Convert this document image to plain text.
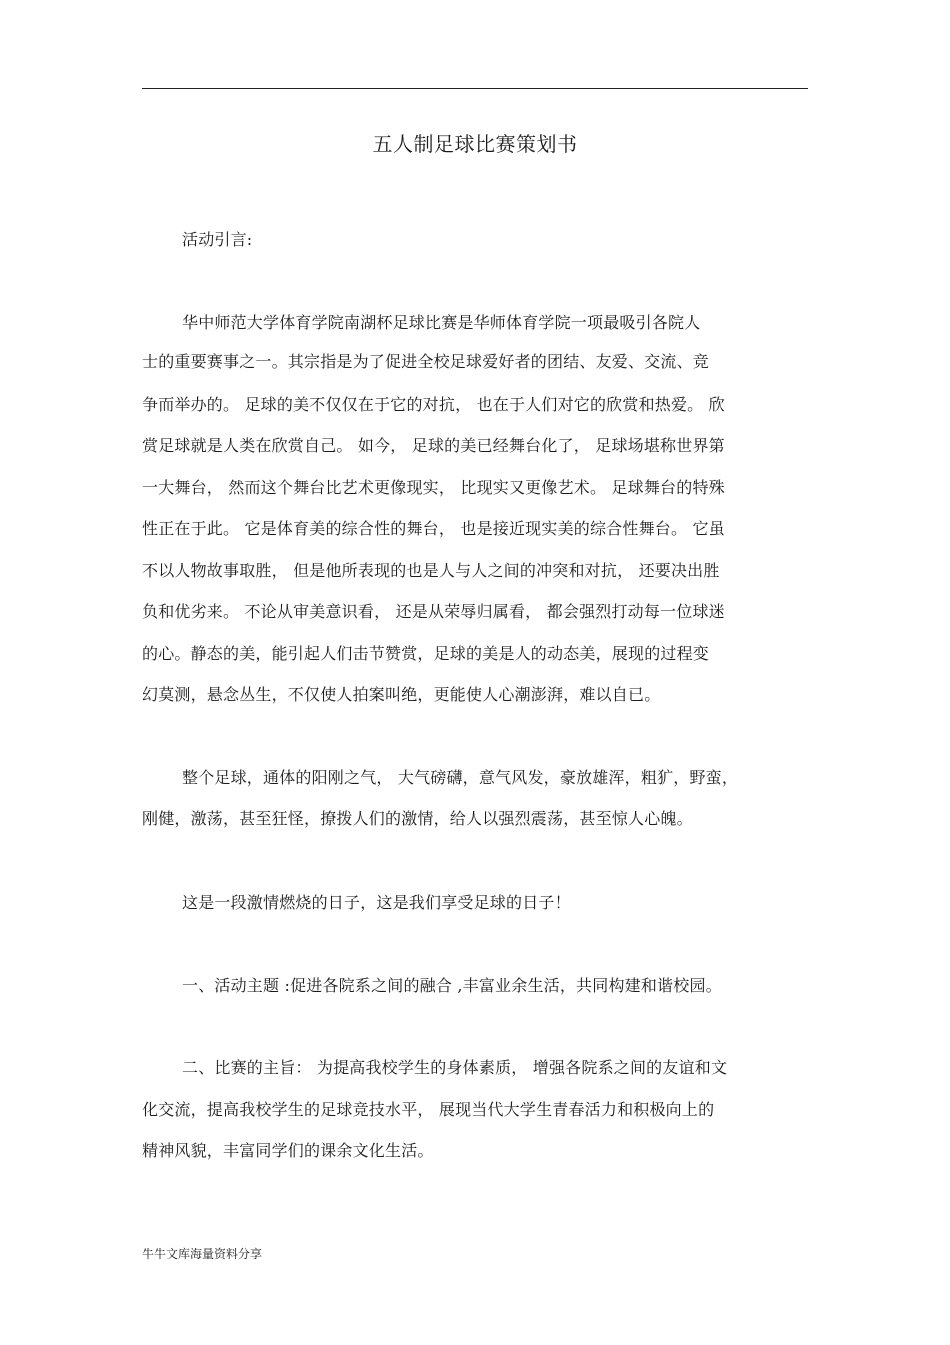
五人制足球比赛策划书

活动引言:

华中师范大学体育学院南湖杯足球比赛是华师体育学院一项最吸引各院人

士的重要赛事之一。其宗指是为了促进全校足球爱好者的团结、友爱、交流、竞

争而举办的。 足球的美不仅仅在于它的对抗， 也在于人们对它的欣赏和热爱。 欣

赏足球就是人类在欣赏自己。 如今， 足球的美已经舞台化了， 足球场堪称世界第

一大舞台， 然而这个舞台比艺术更像现实， 比现实又更像艺术。 足球舞台的特殊

性正在于此。 它是体育美的综合性的舞台， 也是接近现实美的综合性舞台。 它虽

不以人物故事取胜， 但是他所表现的也是人与人之间的冲突和对抗， 还要决出胜

负和优劣来。 不论从审美意识看， 还是从荣辱归属看， 都会强烈打动每一位球迷

的心。静态的美，能引起人们击节赞赏，足球的美是人的动态美，展现的过程变

幻莫测，悬念丛生，不仅使人拍案叫绝，更能使人心潮澎湃，难以自已。

整个足球，通体的阳刚之气， 大气磅礴，意气风发，豪放雄浑，粗犷，野蛮，

刚健，激荡，甚至狂怪，撩拨人们的激情，给人以强烈震荡，甚至惊人心魄。

这是一段激情燃烧的日子，这是我们享受足球的日子！

一、活动主题 :促进各院系之间的融合 ,丰富业余生活，共同构建和谐校园。

二、比赛的主旨： 为提高我校学生的身体素质， 增强各院系之间的友谊和文

化交流，提高我校学生的足球竞技水平， 展现当代大学生青春活力和积极向上的

精神风貌，丰富同学们的课余文化生活。

牛牛文库海量资料分享
